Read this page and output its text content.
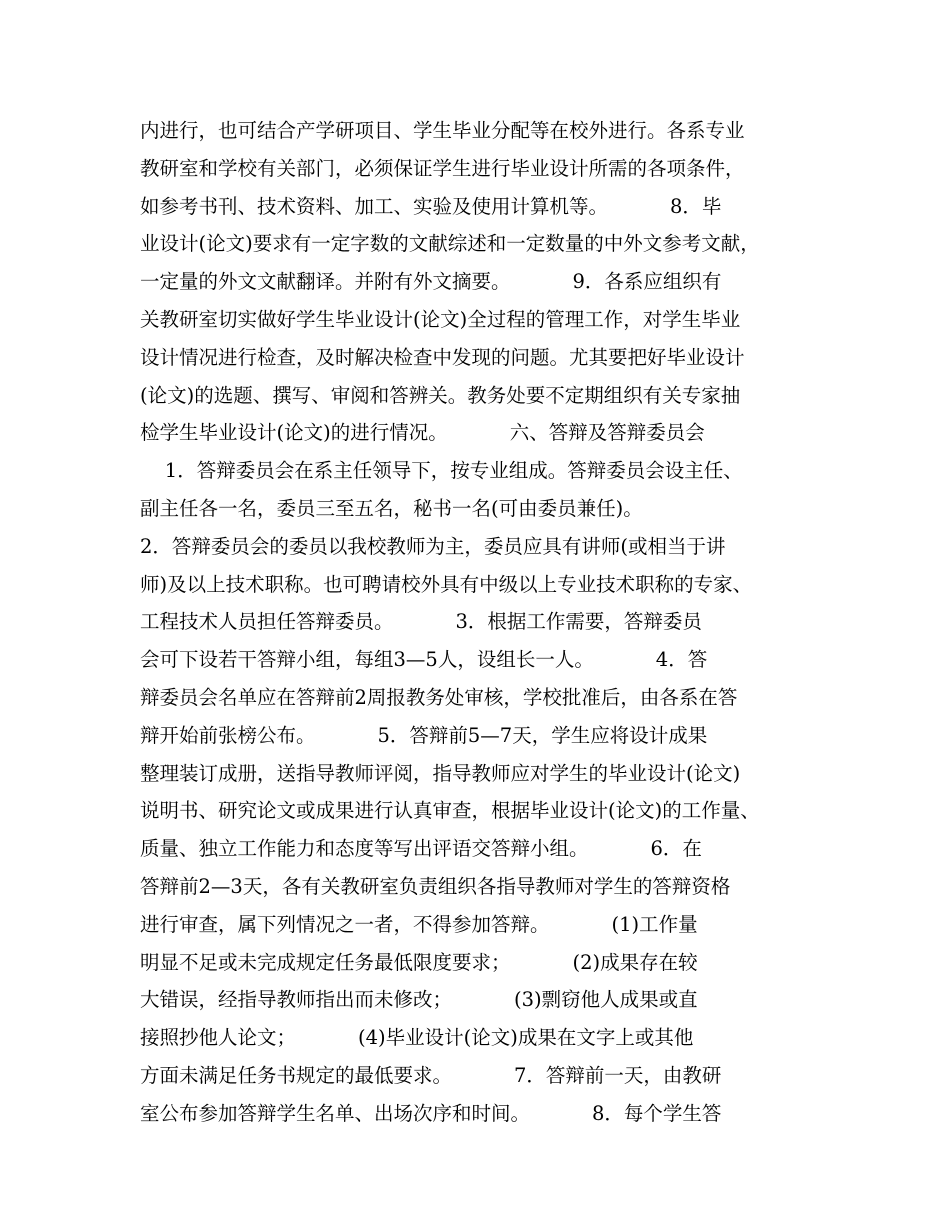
内进行，也可结合产学研项目、学生毕业分配等在校外进行。各系专业
教研室和学校有关部门，必须保证学生进行毕业设计所需的各项条件，
如参考书刊、技术资料、加工、实验及使用计算机等。          8．毕
业设计(论文)要求有一定字数的文献综述和一定数量的中外文参考文献，
一定量的外文文献翻译。并附有外文摘要。          9．各系应组织有
关教研室切实做好学生毕业设计(论文)全过程的管理工作，对学生毕业
设计情况进行检查，及时解决检查中发现的问题。尤其要把好毕业设计
(论文)的选题、撰写、审阅和答辨关。教务处要不定期组织有关专家抽
检学生毕业设计(论文)的进行情况。          六、答辩及答辩委员会
1．答辩委员会在系主任领导下，按专业组成。答辩委员会设主任、
副主任各一名，委员三至五名，秘书一名(可由委员兼任)。
2．答辩委员会的委员以我校教师为主，委员应具有讲师(或相当于讲
师)及以上技术职称。也可聘请校外具有中级以上专业技术职称的专家、
工程技术人员担任答辩委员。          3．根据工作需要，答辩委员
会可下设若干答辩小组，每组3—5人，设组长一人。          4．答
辩委员会名单应在答辩前2周报教务处审核，学校批准后，由各系在答
辩开始前张榜公布。          5．答辩前5—7天，学生应将设计成果
整理装订成册，送指导教师评阅，指导教师应对学生的毕业设计(论文)
说明书、研究论文或成果进行认真审查，根据毕业设计(论文)的工作量、
质量、独立工作能力和态度等写出评语交答辩小组。          6．在
答辩前2—3天，各有关教研室负责组织各指导教师对学生的答辩资格
进行审查，属下列情况之一者，不得参加答辩。          (1)工作量
明显不足或未完成规定任务最低限度要求；          (2)成果存在较
大错误，经指导教师指出而未修改；          (3)剽窃他人成果或直
接照抄他人论文；          (4)毕业设计(论文)成果在文字上或其他
方面未满足任务书规定的最低要求。          7．答辩前一天，由教研
室公布参加答辩学生名单、出场次序和时间。          8．每个学生答
